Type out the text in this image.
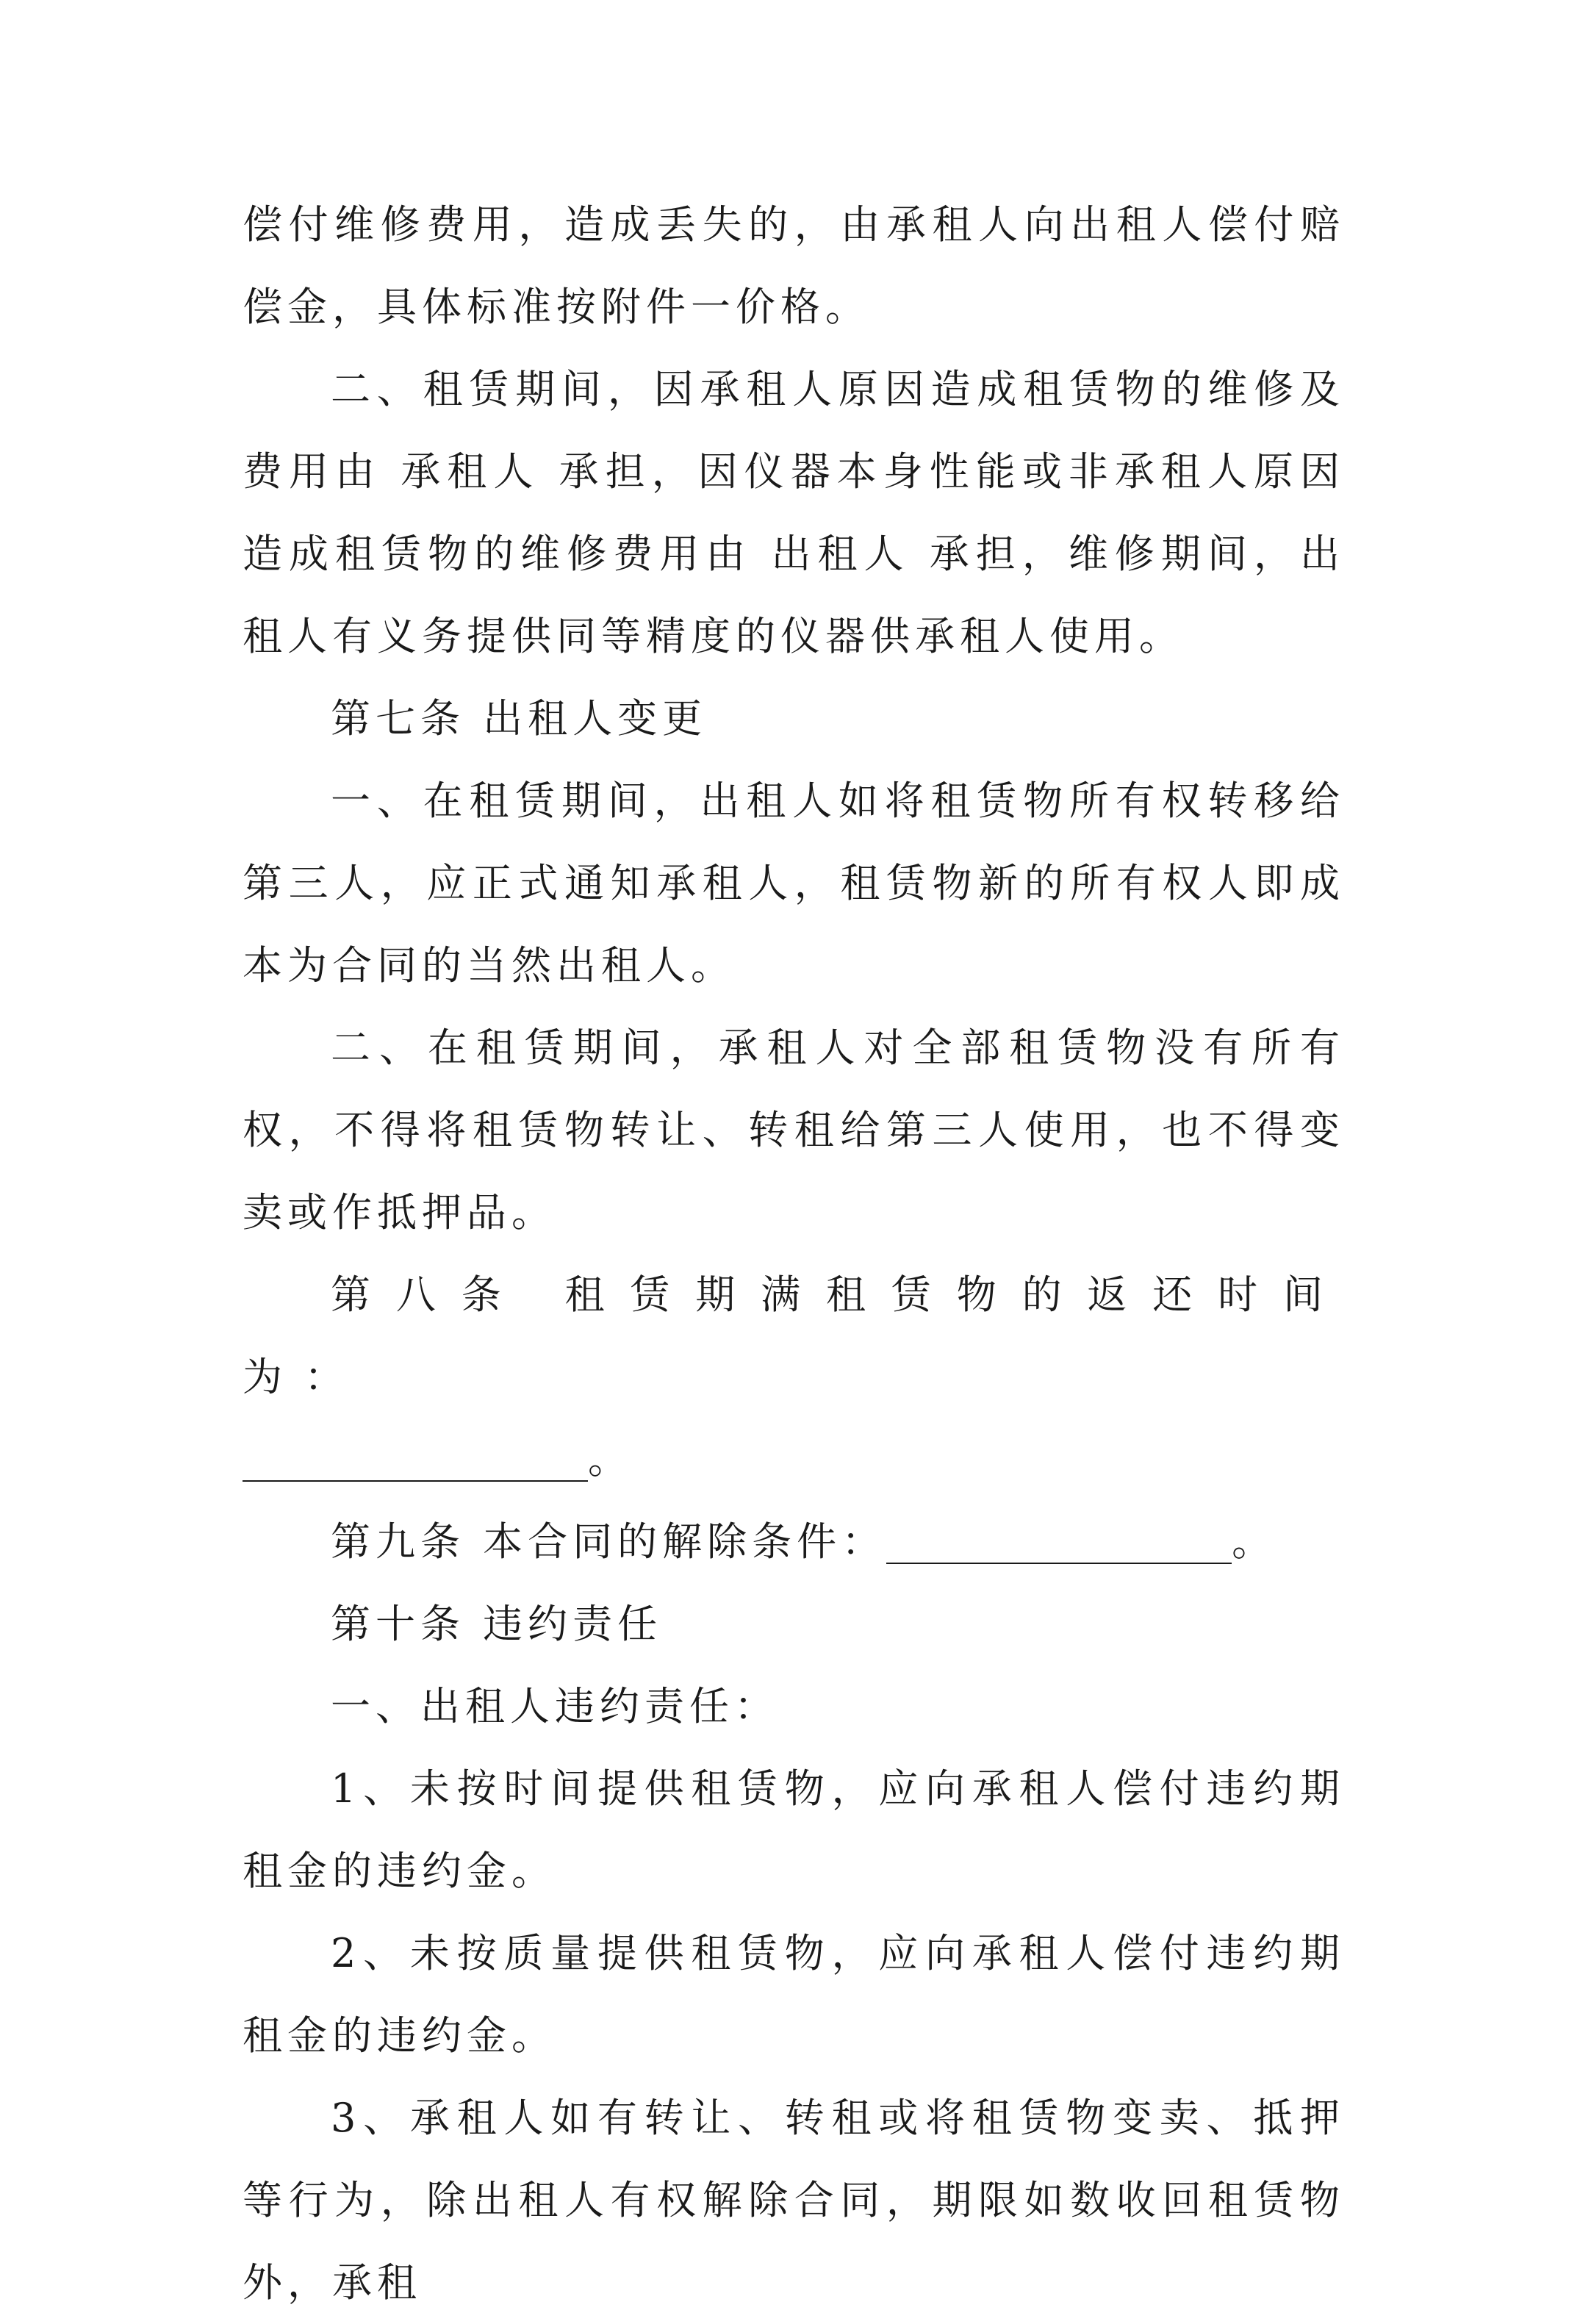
偿付维修费用，造成丢失的，由承租人向出租人偿付赔偿金，具体标准按附件一价格。

二、租赁期间，因承租人原因造成租赁物的维修及费用由 承租人 承担，因仪器本身性能或非承租人原因造成租赁物的维修费用由 出租人 承担，维修期间，出租人有义务提供同等精度的仪器供承租人使用。

第七条 出租人变更

一、在租赁期间，出租人如将租赁物所有权转移给第三人，应正式通知承租人，租赁物新的所有权人即成本为合同的当然出租人。

二、在租赁期间，承租人对全部租赁物没有所有权，不得将租赁物转让、转租给第三人使用，也不得变卖或作抵押品。

第八条 租赁期满租赁物的返还时间为：
。

第九条 本合同的解除条件：	。

第十条 违约责任

一、出租人违约责任：

1、未按时间提供租赁物，应向承租人偿付违约期租金的违约金。

2、未按质量提供租赁物，应向承租人偿付违约期租金的违约金。

3、承租人如有转让、转租或将租赁物变卖、抵押等行为，除出租人有权解除合同，期限如数收回租赁物外，承租
